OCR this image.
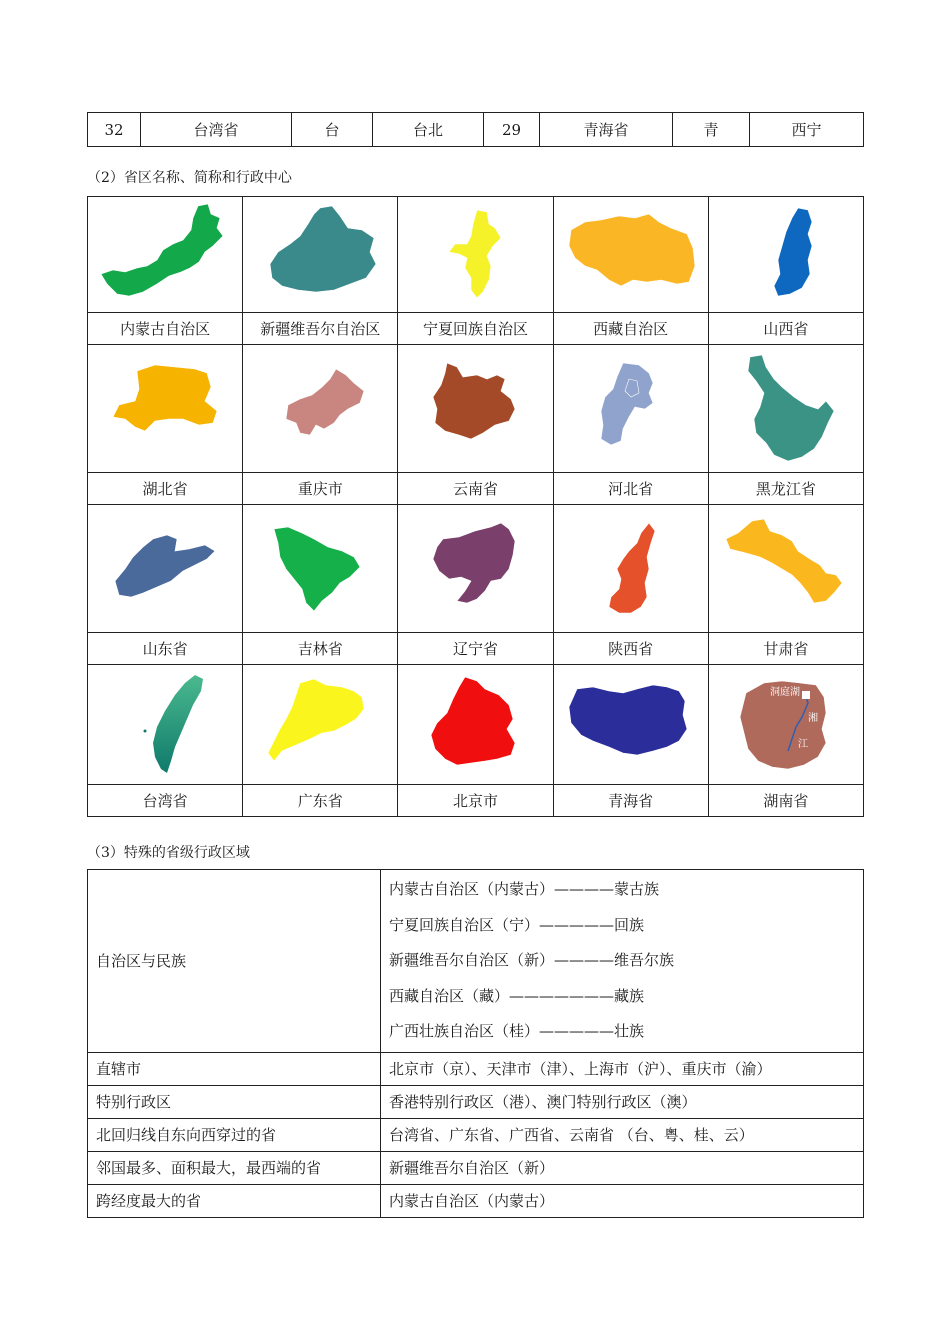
32	台湾省	台	台北	29	青海省	青	西宁
（2）省区名称、简称和行政中心

内蒙古自治区	新疆维吾尔自治区	宁夏回族自治区	西藏自治区	山西省

湖北省	重庆市	云南省	河北省	黑龙江省

山东省	吉林省	辽宁省	陕西省	甘肃省

洞庭湖
湘
江

台湾省	广东省	北京市	青海省	湖南省
（3）特殊的省级行政区域
自治区与民族	内蒙古自治区（内蒙古）————蒙古族
宁夏回族自治区（宁）—————回族
新疆维吾尔自治区（新）————维吾尔族
西藏自治区（藏）———————藏族
广西壮族自治区（桂）—————壮族

直辖市	北京市（京）、天津市（津）、上海市（沪）、重庆市（渝）
特别行政区	香港特别行政区（港）、澳门特别行政区（澳）
北回归线自东向西穿过的省	台湾省、广东省、广西省、云南省 （台、粤、桂、云）
邻国最多、面积最大，最西端的省	新疆维吾尔自治区（新）
跨经度最大的省	内蒙古自治区（内蒙古）
